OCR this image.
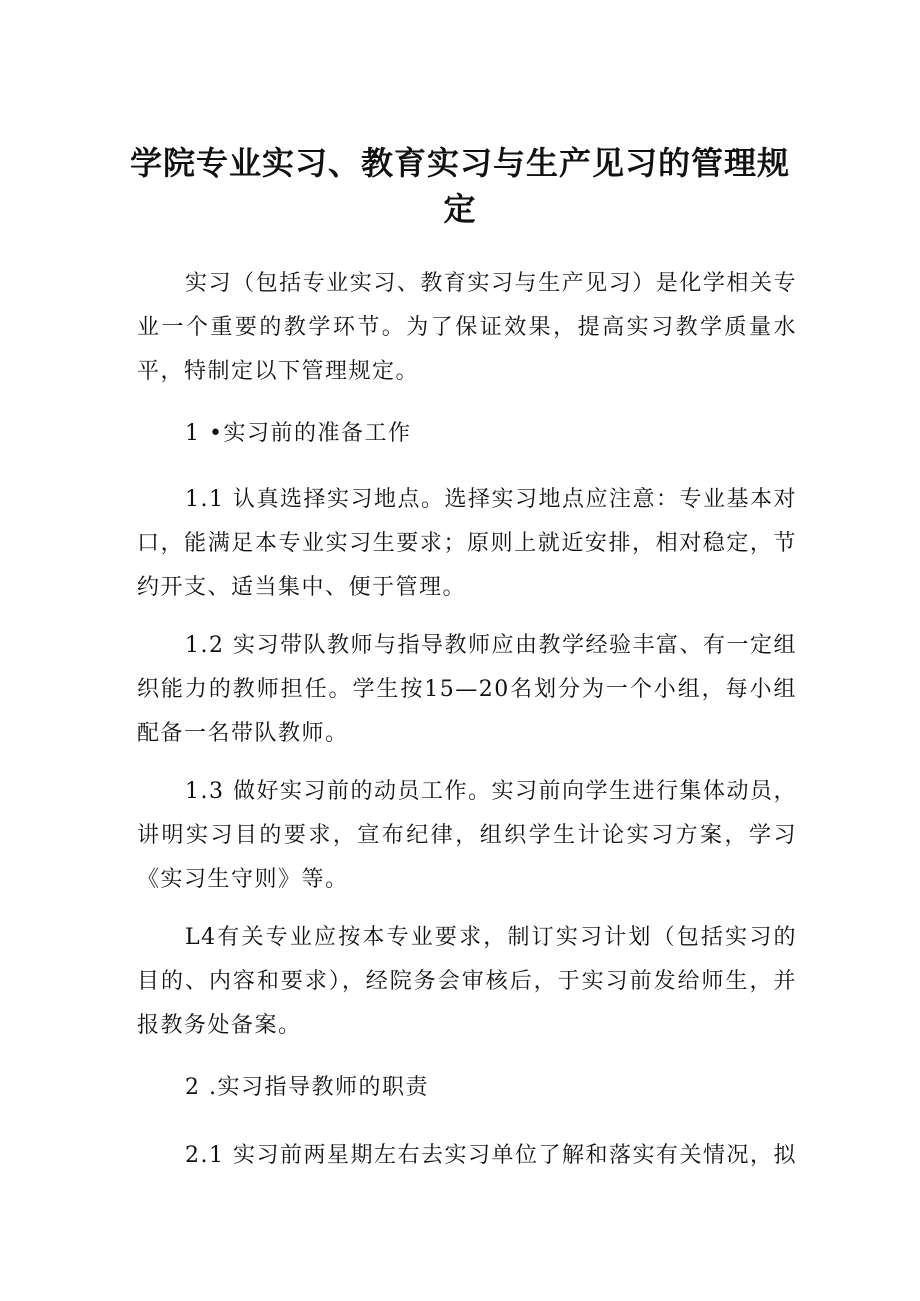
学院专业实习、教育实习与生产见习的管理规定

实习（包括专业实习、教育实习与生产见习）是化学相关专业一个重要的教学环节。为了保证效果，提高实习教学质量水平，特制定以下管理规定。

1 •实习前的准备工作

1.1 认真选择实习地点。选择实习地点应注意：专业基本对口，能满足本专业实习生要求；原则上就近安排，相对稳定，节约开支、适当集中、便于管理。

1.2 实习带队教师与指导教师应由教学经验丰富、有一定组织能力的教师担任。学生按15—20名划分为一个小组，每小组配备一名带队教师。

1.3 做好实习前的动员工作。实习前向学生进行集体动员，讲明实习目的要求，宣布纪律，组织学生计论实习方案，学习《实习生守则》等。

L4有关专业应按本专业要求，制订实习计划（包括实习的目的、内容和要求），经院务会审核后，于实习前发给师生，并报教务处备案。

2 .实习指导教师的职责

2.1 实习前两星期左右去实习单位了解和落实有关情况，拟
